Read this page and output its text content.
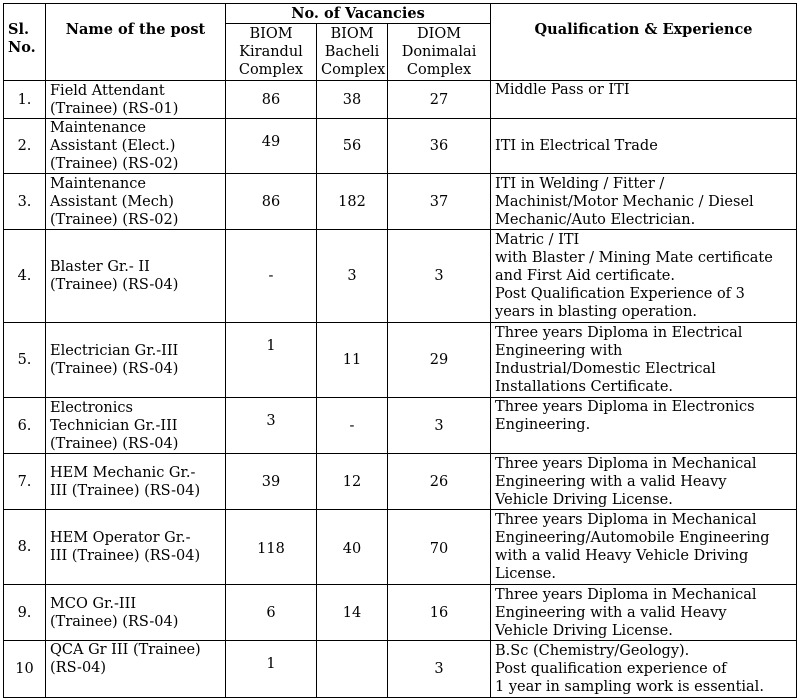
Sl.
No.	Name of the post	No. of Vacancies			Qualification & Experience
		BIOM
Kirandul
Complex	BIOM
Bacheli
Complex	DIOM
Donimalai
Complex	
1.	Field Attendant
(Trainee) (RS-01)	86	38	27	Middle Pass or ITI
2.	Maintenance
Assistant (Elect.)
(Trainee) (RS-02)	49	56	36	ITI in Electrical Trade
3.	Maintenance
Assistant (Mech)
(Trainee) (RS-02)	86	182	37	ITI in Welding / Fitter /
Machinist/Motor Mechanic / Diesel
Mechanic/Auto Electrician.
4.	Blaster Gr.- II
(Trainee) (RS-04)	-	3	3	Matric / ITI
with Blaster / Mining Mate certificate
and First Aid certificate.
Post Qualification Experience of 3
years in blasting operation.
5.	Electrician Gr.-III
(Trainee) (RS-04)	1	11	29	Three years Diploma in Electrical
Engineering with
Industrial/Domestic Electrical
Installations Certificate.
6.	Electronics
Technician Gr.-III
(Trainee) (RS-04)	3	-	3	Three years Diploma in Electronics
Engineering.
7.	HEM Mechanic Gr.-
III (Trainee) (RS-04)	39	12	26	Three years Diploma in Mechanical
Engineering with a valid Heavy
Vehicle Driving License.
8.	HEM Operator Gr.-
III (Trainee) (RS-04)	118	40	70	Three years Diploma in Mechanical
Engineering/Automobile Engineering
with a valid Heavy Vehicle Driving
License.
9.	MCO Gr.-III
(Trainee) (RS-04)	6	14	16	Three years Diploma in Mechanical
Engineering with a valid Heavy
Vehicle Driving License.
10	QCA Gr III (Trainee)
(RS-04)	1		3	B.Sc (Chemistry/Geology).
Post qualification experience of
1 year in sampling work is essential.
